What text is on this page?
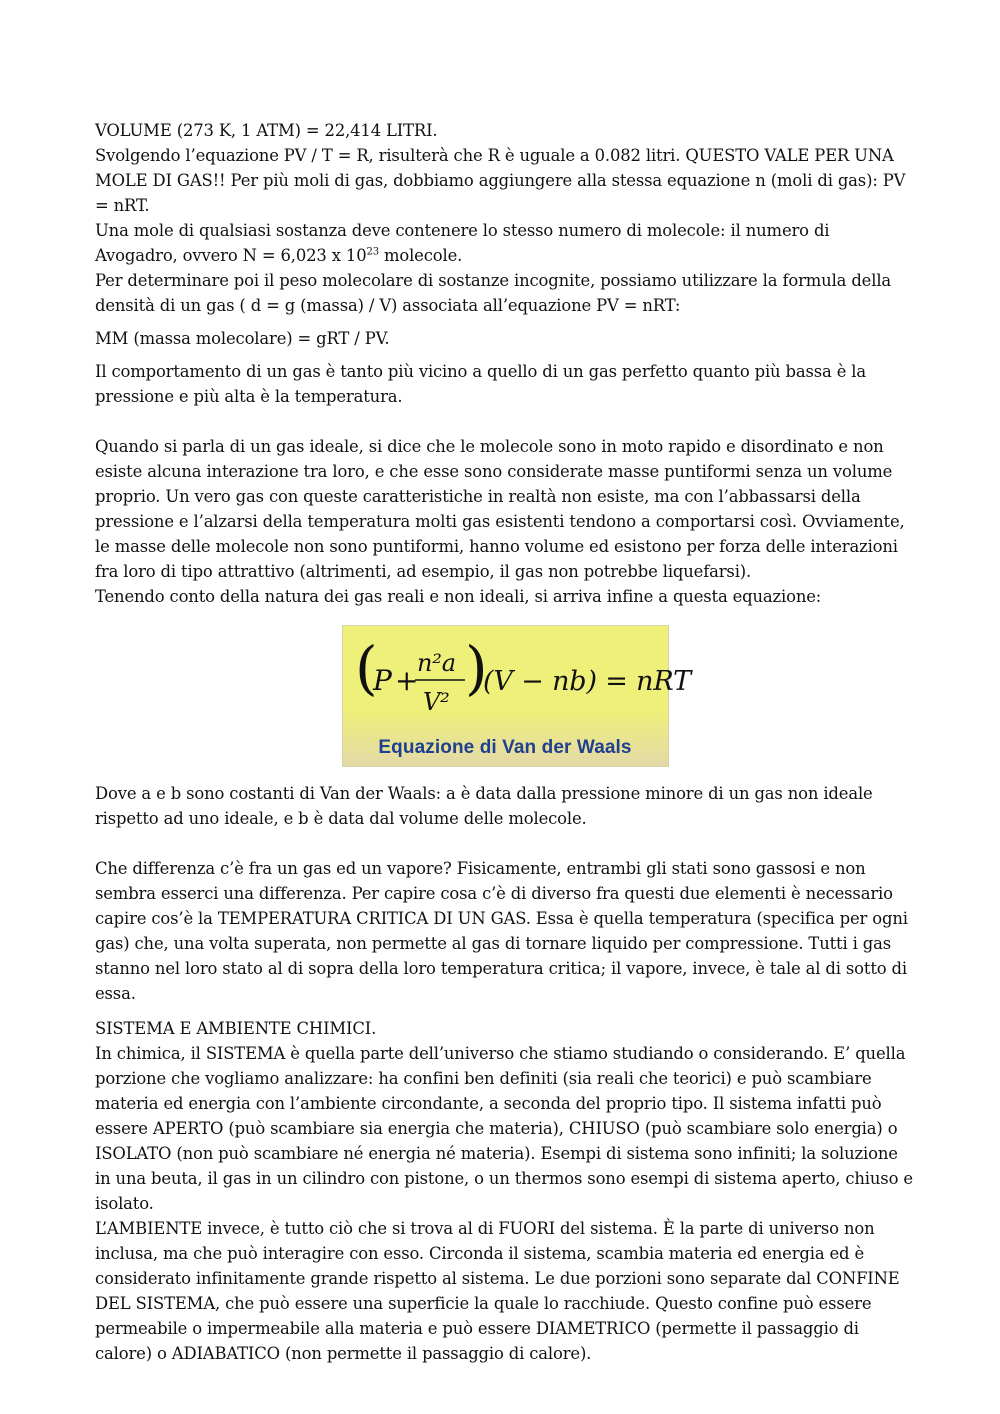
VOLUME (273 K, 1 ATM) = 22,414 LITRI.

Svolgendo l’equazione PV / T = R, risulterà che R è uguale a 0.082 litri. QUESTO VALE PER UNA MOLE DI GAS!! Per più moli di gas, dobbiamo aggiungere alla stessa equazione n (moli di gas): PV = nRT.

Una mole di qualsiasi sostanza deve contenere lo stesso numero di molecole: il numero di Avogadro, ovvero N = 6,023 x $10^{23}$ molecole.

Per determinare poi il peso molecolare di sostanze incognite, possiamo utilizzare la formula della densità di un gas ( d = g (massa) / V) associata all’equazione PV = nRT:

MM (massa molecolare) = gRT / PV.

Il comportamento di un gas è tanto più vicino a quello di un gas perfetto quanto più bassa è la pressione e più alta è la temperatura.

Quando si parla di un gas ideale, si dice che le molecole sono in moto rapido e disordinato e non esiste alcuna interazione tra loro, e che esse sono considerate masse puntiformi senza un volume proprio. Un vero gas con queste caratteristiche in realtà non esiste, ma con l’abbassarsi della pressione e l’alzarsi della temperatura molti gas esistenti tendono a comportarsi così. Ovviamente, le masse delle molecole non sono puntiformi, hanno volume ed esistono per forza delle interazioni fra loro di tipo attrattivo (altrimenti, ad esempio, il gas non potrebbe liquefarsi).

Tenendo conto della natura dei gas reali e non ideali, si arriva infine a questa equazione:

(
P +
n²a
V² )
(V − nb) = nRT
Equazione di Van der Waals

Dove a e b sono costanti di Van der Waals: a è data dalla pressione minore di un gas non ideale rispetto ad uno ideale, e b è data dal volume delle molecole.

Che differenza c’è fra un gas ed un vapore? Fisicamente, entrambi gli stati sono gassosi e non sembra esserci una differenza. Per capire cosa c’è di diverso fra questi due elementi è necessario capire cos’è la TEMPERATURA CRITICA DI UN GAS. Essa è quella temperatura (specifica per ogni gas) che, una volta superata, non permette al gas di tornare liquido per compressione. Tutti i gas stanno nel loro stato al di sopra della loro temperatura critica; il vapore, invece, è tale al di sotto di essa.

SISTEMA E AMBIENTE CHIMICI.

In chimica, il SISTEMA è quella parte dell’universo che stiamo studiando o considerando. E’ quella porzione che vogliamo analizzare: ha confini ben definiti (sia reali che teorici) e può scambiare materia ed energia con l’ambiente circondante, a seconda del proprio tipo. Il sistema infatti può essere APERTO (può scambiare sia energia che materia), CHIUSO (può scambiare solo energia) o ISOLATO (non può scambiare né energia né materia). Esempi di sistema sono infiniti; la soluzione in una beuta, il gas in un cilindro con pistone, o un thermos sono esempi di sistema aperto, chiuso e isolato.

L’AMBIENTE invece, è tutto ciò che si trova al di FUORI del sistema. È la parte di universo non inclusa, ma che può interagire con esso. Circonda il sistema, scambia materia ed energia ed è considerato infinitamente grande rispetto al sistema. Le due porzioni sono separate dal CONFINE DEL SISTEMA, che può essere una superficie la quale lo racchiude. Questo confine può essere permeabile o impermeabile alla materia e può essere DIAMETRICO (permette il passaggio di calore) o ADIABATICO (non permette il passaggio di calore).
